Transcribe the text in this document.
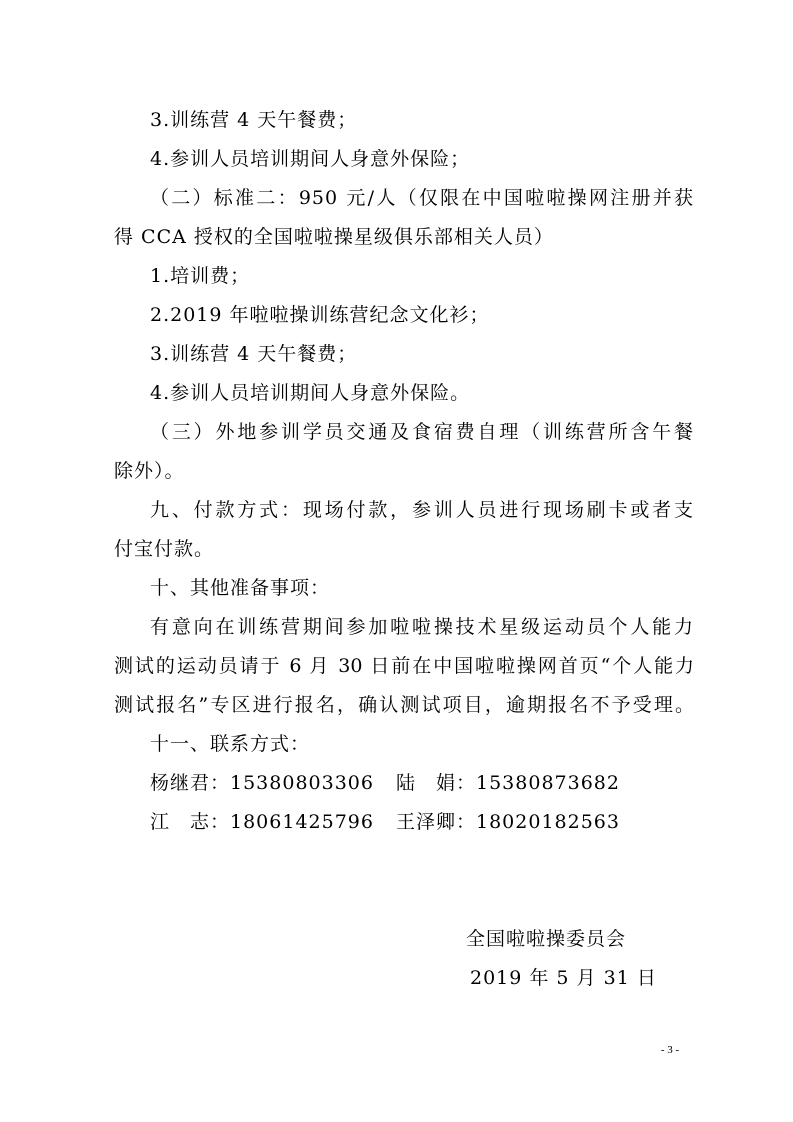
3.训练营 4 天午餐费；
4.参训人员培训期间人身意外保险；
（二）标准二：950 元/人（仅限在中国啦啦操网注册并获
得 CCA 授权的全国啦啦操星级俱乐部相关人员）
1.培训费；
2.2019 年啦啦操训练营纪念文化衫；
3.训练营 4 天午餐费；
4.参训人员培训期间人身意外保险。
（三）外地参训学员交通及食宿费自理（训练营所含午餐
除外）。
九、付款方式：现场付款，参训人员进行现场刷卡或者支
付宝付款。
十、其他准备事项：
有意向在训练营期间参加啦啦操技术星级运动员个人能力
测试的运动员请于 6 月 30 日前在中国啦啦操网首页“个人能力
测试报名”专区进行报名，确认测试项目，逾期报名不予受理。
十一、联系方式：
杨继君：15380803306 陆　娟：15380873682
江　志：18061425796 王泽卿：18020182563
全国啦啦操委员会
2019 年 5 月 31 日
- 3 -
